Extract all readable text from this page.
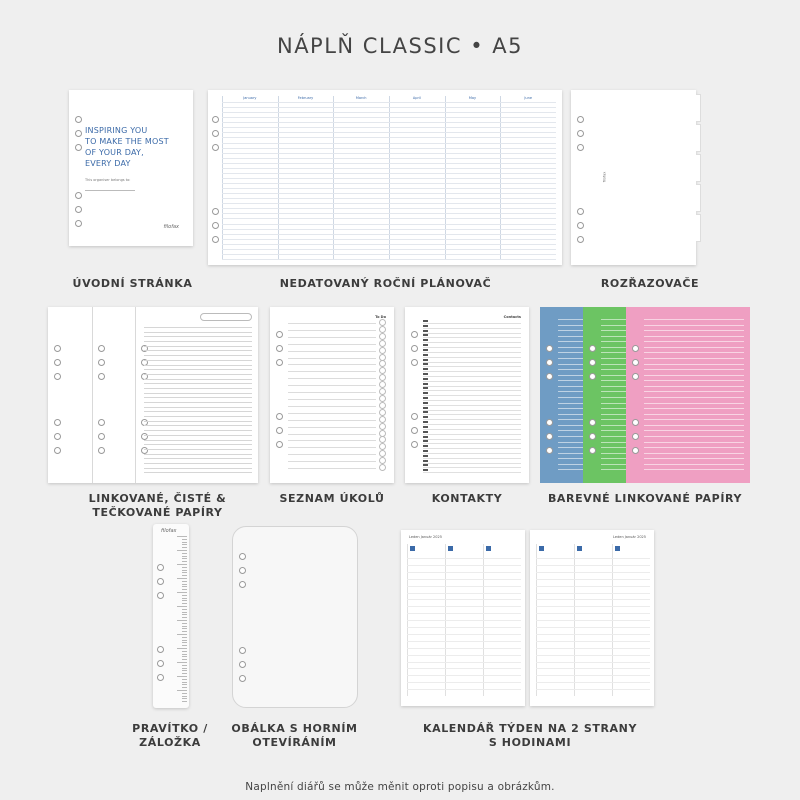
NÁPLŇ CLASSIC • A5
INSPIRING YOU
TO MAKE THE MOST
OF YOUR DAY,
EVERY DAY
This organiser belongs to:
filofax
ÚVODNÍ STRÁNKA
January	February	March	April	May	June
NEDATOVANÝ ROČNÍ PLÁNOVAČ
filofax
ROZŘAZOVAČE
LINKOVANÉ, ČISTÉ &
TEČKOVANÉ PAPÍRY
To Do
SEZNAM ÚKOLŮ
Contacts
KONTAKTY	BAREVNÉ LINKOVANÉ PAPÍRY
filofax
PRAVÍTKO /
ZÁLOŽKA
OBÁLKA S HORNÍM
OTEVÍRÁNÍM
Leden Január 2025	Leden Január 2025
KALENDÁŘ TÝDEN NA 2 STRANY
S HODINAMI
Naplnění diářů se může měnit oproti popisu a obrázkům.
